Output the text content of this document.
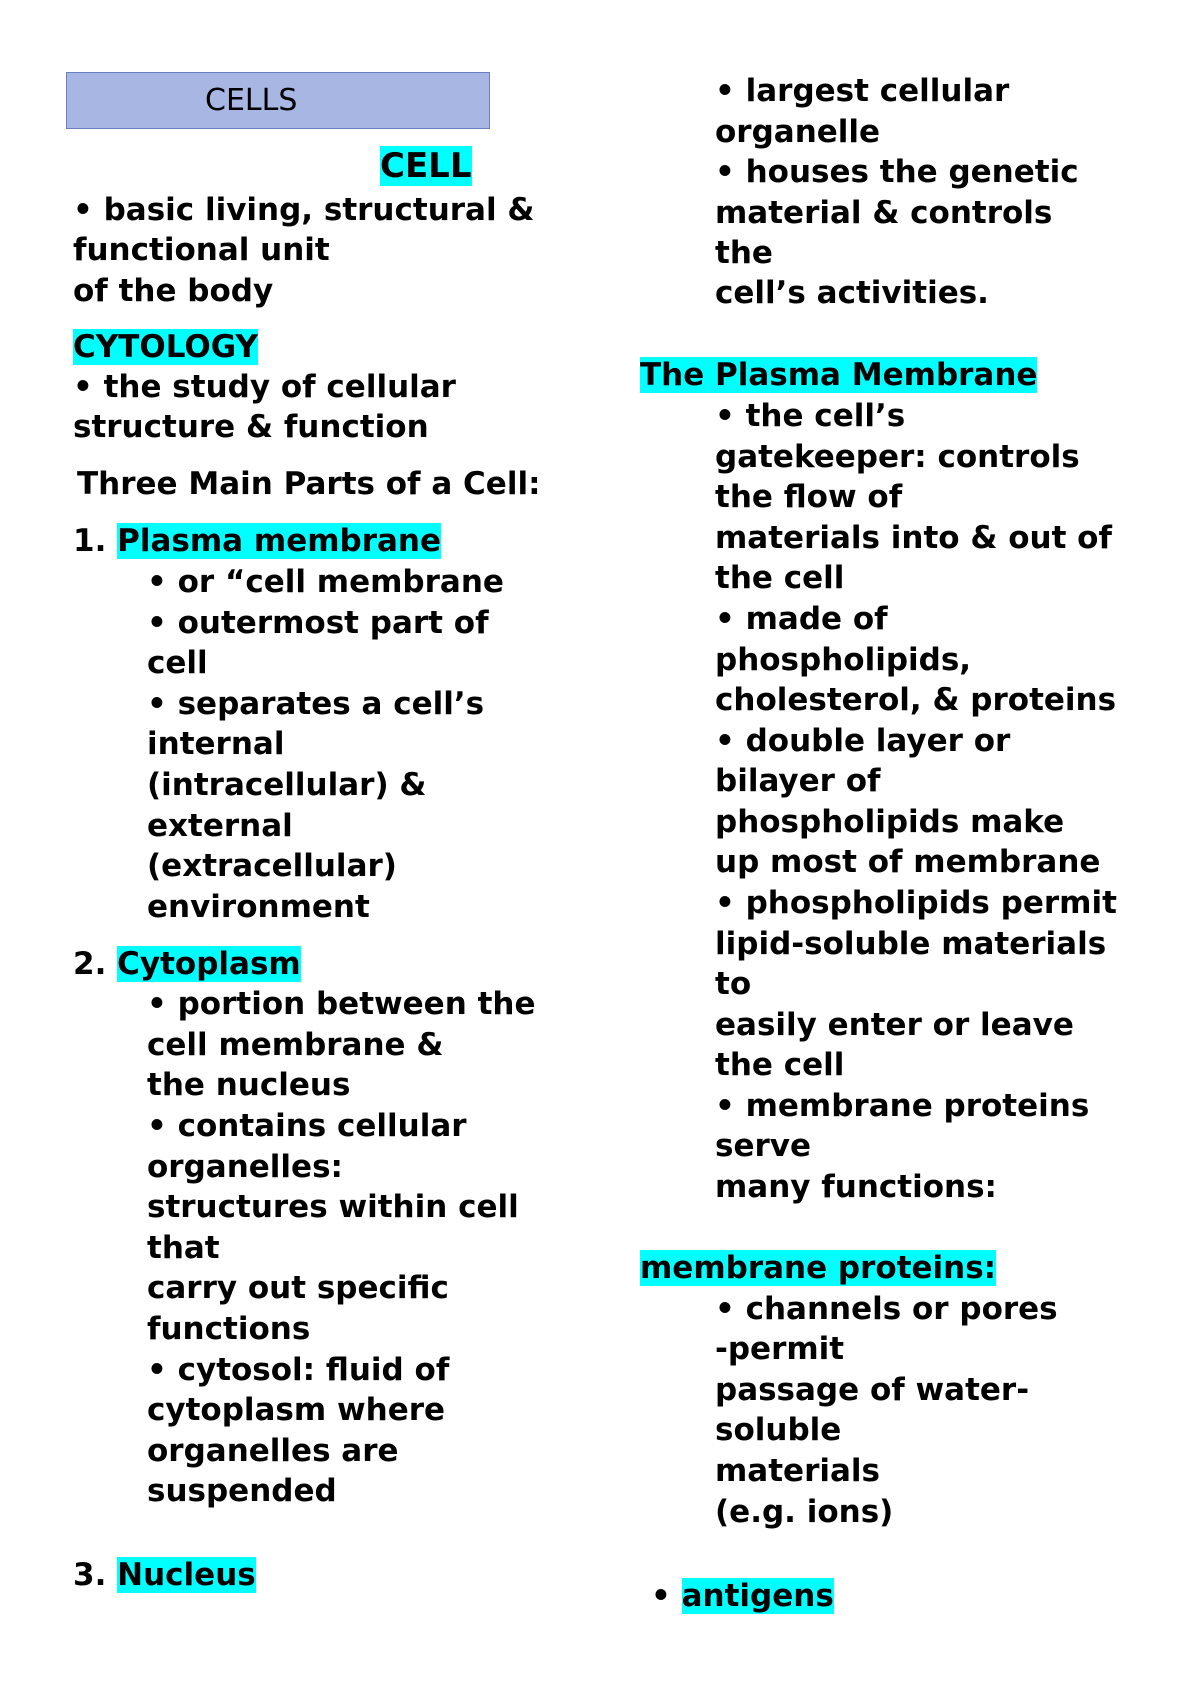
CELLS
CELL
• basic living, structural &
functional unit
of the body
CYTOLOGY
• the study of cellular
structure & function
Three Main Parts of a Cell:
1. Plasma membrane
• or “cell membrane
• outermost part of
cell
• separates a cell’s
internal
(intracellular) &
external
(extracellular)
environment
2. Cytoplasm
• portion between the
cell membrane &
the nucleus
• contains cellular
organelles:
structures within cell
that
carry out specific
functions
• cytosol: fluid of
cytoplasm where
organelles are
suspended
3. Nucleus
• largest cellular
organelle
• houses the genetic
material & controls
the
cell’s activities.
The Plasma Membrane
• the cell’s
gatekeeper: controls
the flow of
materials into & out of
the cell
• made of
phospholipids,
cholesterol, & proteins
• double layer or
bilayer of
phospholipids make
up most of membrane
• phospholipids permit
lipid-soluble materials
to
easily enter or leave
the cell
• membrane proteins
serve
many functions:
membrane proteins:
• channels or pores
-permit
passage of water-
soluble
materials
(e.g. ions)
• antigens
